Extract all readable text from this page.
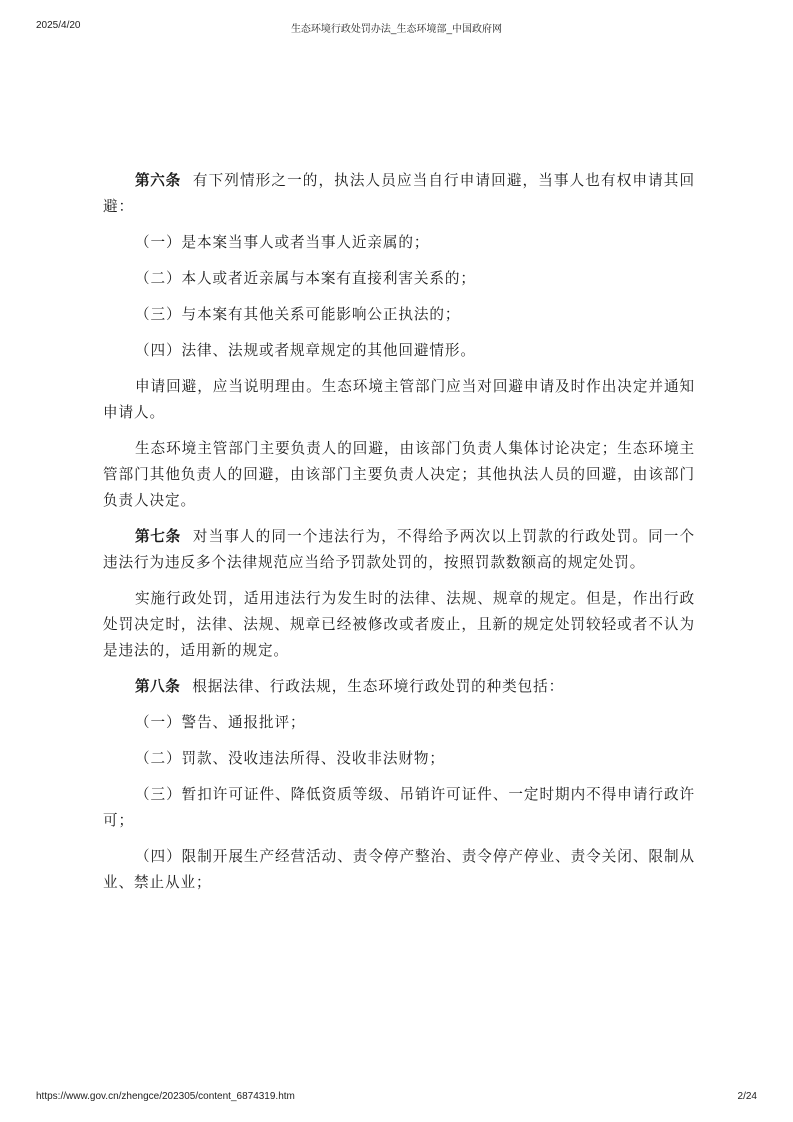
2025/4/20	生态环境行政处罚办法_生态环境部_中国政府网

第六条 有下列情形之一的，执法人员应当自行申请回避，当事人也有权申请其回避：

（一）是本案当事人或者当事人近亲属的；

（二）本人或者近亲属与本案有直接利害关系的；

（三）与本案有其他关系可能影响公正执法的；

（四）法律、法规或者规章规定的其他回避情形。

申请回避，应当说明理由。生态环境主管部门应当对回避申请及时作出决定并通知申请人。

生态环境主管部门主要负责人的回避，由该部门负责人集体讨论决定；生态环境主管部门其他负责人的回避，由该部门主要负责人决定；其他执法人员的回避，由该部门负责人决定。

第七条 对当事人的同一个违法行为，不得给予两次以上罚款的行政处罚。同一个违法行为违反多个法律规范应当给予罚款处罚的，按照罚款数额高的规定处罚。

实施行政处罚，适用违法行为发生时的法律、法规、规章的规定。但是，作出行政处罚决定时，法律、法规、规章已经被修改或者废止，且新的规定处罚较轻或者不认为是违法的，适用新的规定。

第八条 根据法律、行政法规，生态环境行政处罚的种类包括：

（一）警告、通报批评；

（二）罚款、没收违法所得、没收非法财物；

（三）暂扣许可证件、降低资质等级、吊销许可证件、一定时期内不得申请行政许可；

（四）限制开展生产经营活动、责令停产整治、责令停产停业、责令关闭、限制从业、禁止从业；

https://www.gov.cn/zhengce/202305/content_6874319.htm	2/24
